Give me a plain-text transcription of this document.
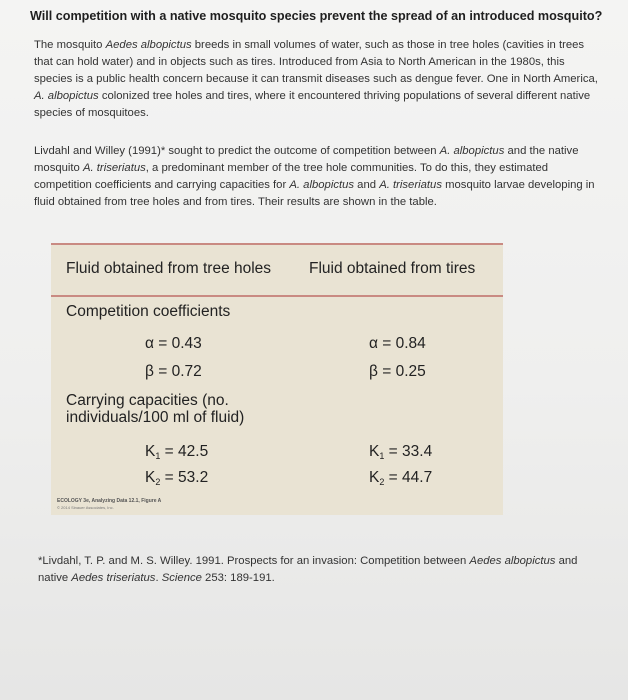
Will competition with a native mosquito species prevent the spread of an introduced mosquito?

The mosquito Aedes albopictus breeds in small volumes of water, such as those in tree holes (cavities in trees that can hold water) and in objects such as tires. Introduced from Asia to North American in the 1980s, this species is a public health concern because it can transmit diseases such as dengue fever. One in North America, A. albopictus colonized tree holes and tires, where it encountered thriving populations of several different native species of mosquitoes.

Livdahl and Willey (1991)* sought to predict the outcome of competition between A. albopictus and the native mosquito A. triseriatus, a predominant member of the tree hole communities. To do this, they estimated competition coefficients and carrying capacities for A. albopictus and A. triseriatus mosquito larvae developing in fluid obtained from tree holes and from tires. Their results are shown in the table.

Fluid obtained from tree holes Fluid obtained from tires
Competition coefficients
α = 0.43
β = 0.72
α = 0.84
β = 0.25
Carrying capacities (no.
individuals/100 ml of fluid)
$K_1 = 42.5$
$K_2 = 53.2$
$K_1 = 33.4$
$K_2 = 44.7$
ECOLOGY 3e, Analyzing Data 12.1, Figure A
© 2014 Sinauer Associates, Inc.

*Livdahl, T. P. and M. S. Willey. 1991. Prospects for an invasion: Competition between Aedes albopictus and native Aedes triseriatus. Science 253: 189-191.
